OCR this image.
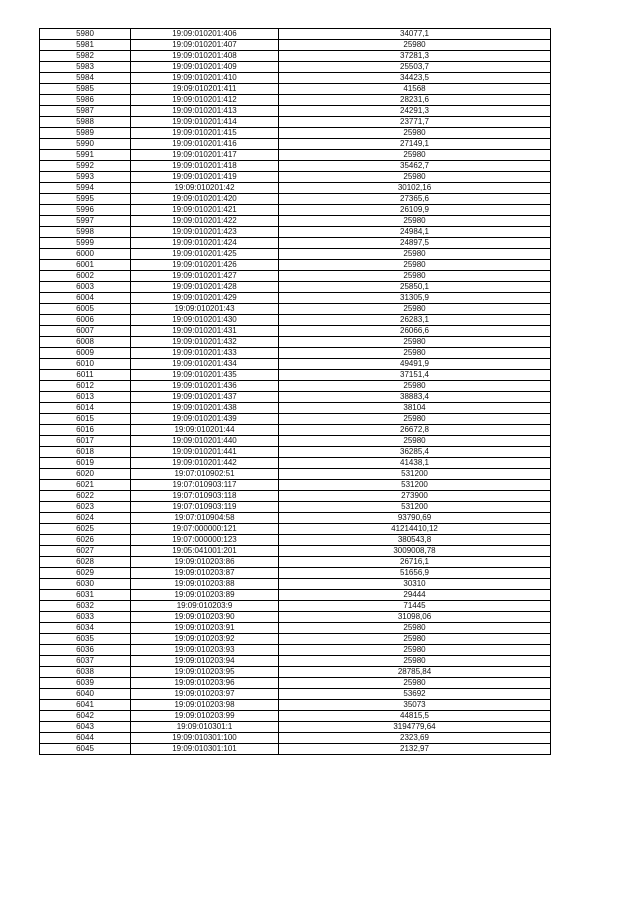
5980	19:09:010201:406	34077,1
5981	19:09:010201:407	25980
5982	19:09:010201:408	37281,3
5983	19:09:010201:409	25503,7
5984	19:09:010201:410	34423,5
5985	19:09:010201:411	41568
5986	19:09:010201:412	28231,6
5987	19:09:010201:413	24291,3
5988	19:09:010201:414	23771,7
5989	19:09:010201:415	25980
5990	19:09:010201:416	27149,1
5991	19:09:010201:417	25980
5992	19:09:010201:418	35462,7
5993	19:09:010201:419	25980
5994	19:09:010201:42	30102,16
5995	19:09:010201:420	27365,6
5996	19:09:010201:421	26109,9
5997	19:09:010201:422	25980
5998	19:09:010201:423	24984,1
5999	19:09:010201:424	24897,5
6000	19:09:010201:425	25980
6001	19:09:010201:426	25980
6002	19:09:010201:427	25980
6003	19:09:010201:428	25850,1
6004	19:09:010201:429	31305,9
6005	19:09:010201:43	25980
6006	19:09:010201:430	26283,1
6007	19:09:010201:431	26066,6
6008	19:09:010201:432	25980
6009	19:09:010201:433	25980
6010	19:09:010201:434	49491,9
6011	19:09:010201:435	37151,4
6012	19:09:010201:436	25980
6013	19:09:010201:437	38883,4
6014	19:09:010201:438	38104
6015	19:09:010201:439	25980
6016	19:09:010201:44	26672,8
6017	19:09:010201:440	25980
6018	19:09:010201:441	36285,4
6019	19:09:010201:442	41438,1
6020	19:07:010902:51	531200
6021	19:07:010903:117	531200
6022	19:07:010903:118	273900
6023	19:07:010903:119	531200
6024	19:07:010904:58	93790,69
6025	19:07:000000:121	41214410,12
6026	19:07:000000:123	380543,8
6027	19:05:041001:201	3009008,78
6028	19:09:010203:86	26716,1
6029	19:09:010203:87	51656,9
6030	19:09:010203:88	30310
6031	19:09:010203:89	29444
6032	19:09:010203:9	71445
6033	19:09:010203:90	31098,06
6034	19:09:010203:91	25980
6035	19:09:010203:92	25980
6036	19:09:010203:93	25980
6037	19:09:010203:94	25980
6038	19:09:010203:95	28785,84
6039	19:09:010203:96	25980
6040	19:09:010203:97	53692
6041	19:09:010203:98	35073
6042	19:09:010203:99	44815,5
6043	19:09:010301:1	3194779,64
6044	19:09:010301:100	2323,69
6045	19:09:010301:101	2132,97
